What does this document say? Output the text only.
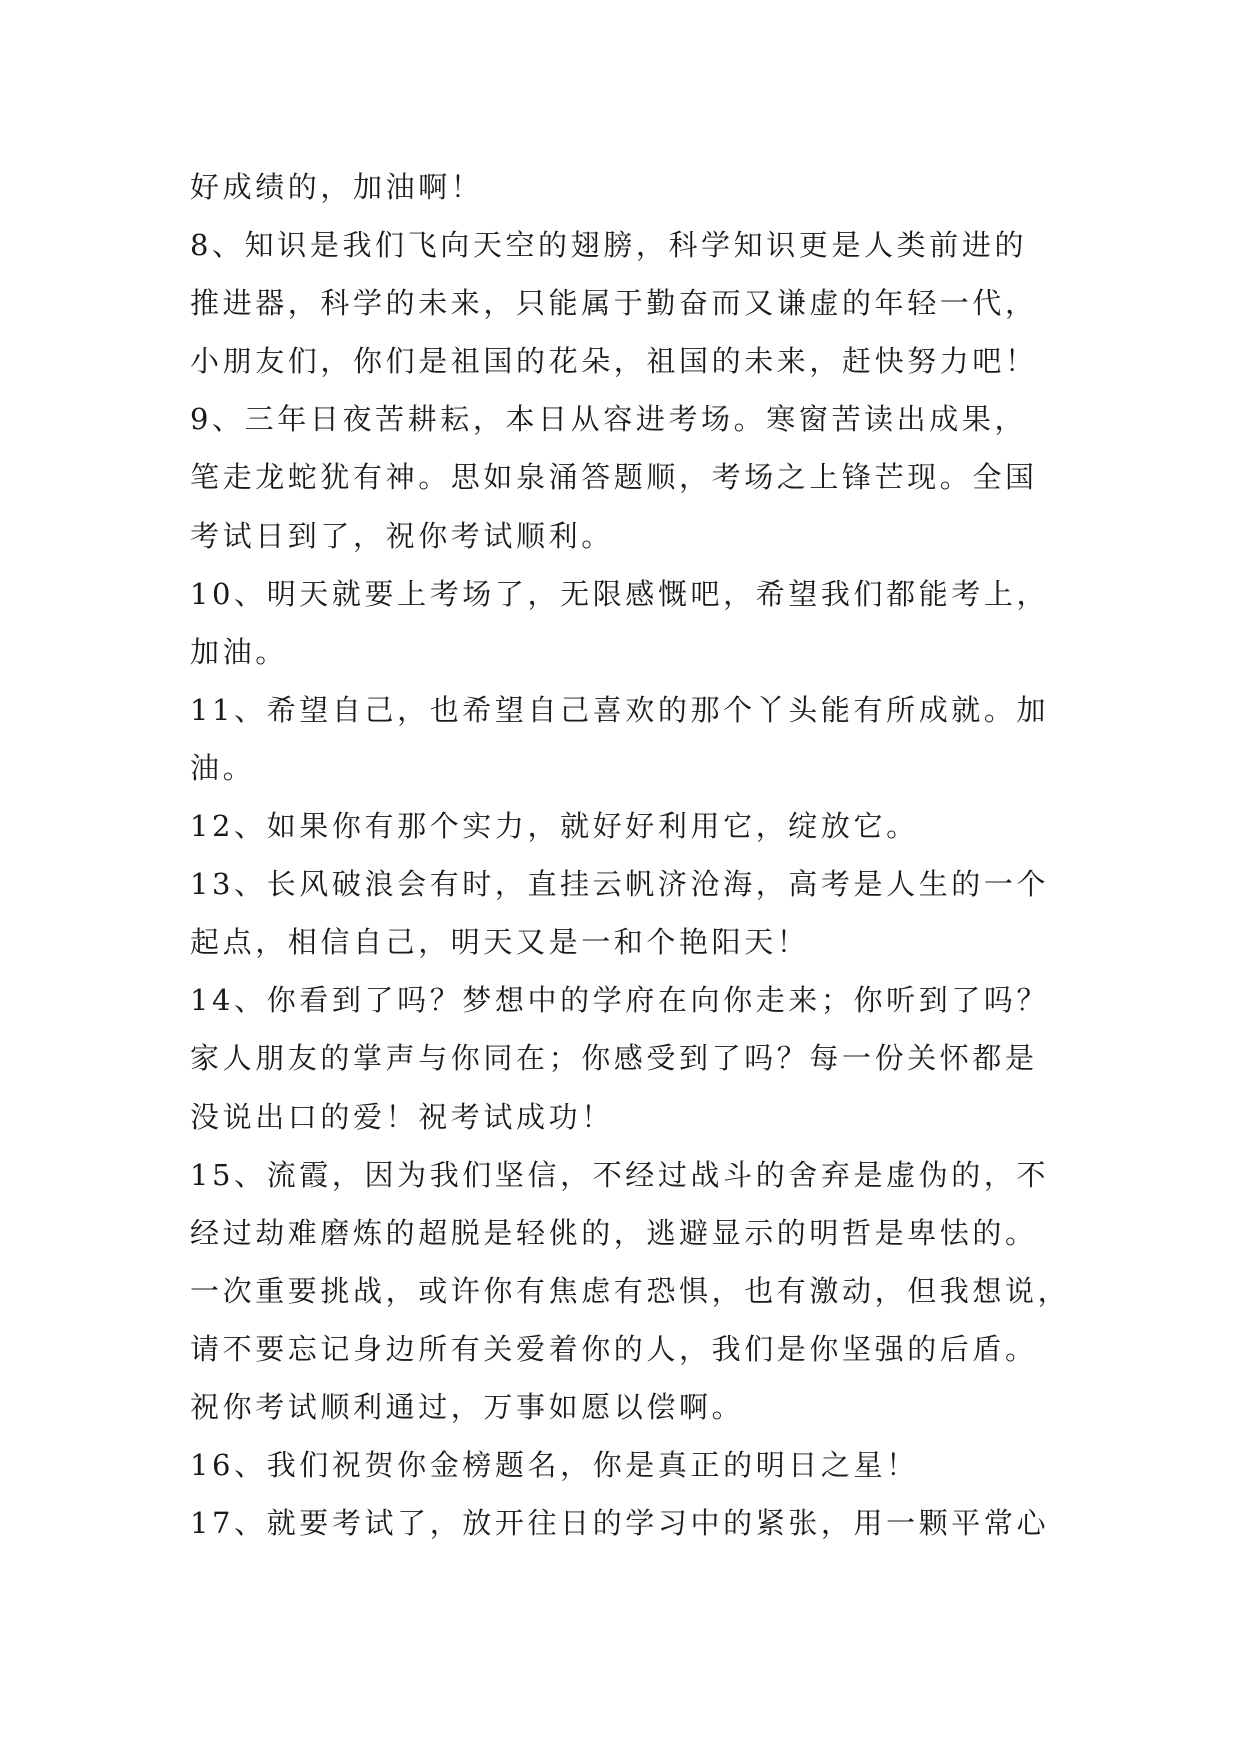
好成绩的，加油啊！
8、知识是我们飞向天空的翅膀，科学知识更是人类前进的
推进器，科学的未来，只能属于勤奋而又谦虚的年轻一代，
小朋友们，你们是祖国的花朵，祖国的未来，赶快努力吧！
9、三年日夜苦耕耘，本日从容进考场。寒窗苦读出成果，
笔走龙蛇犹有神。思如泉涌答题顺，考场之上锋芒现。全国
考试日到了，祝你考试顺利。
10、明天就要上考场了，无限感慨吧，希望我们都能考上，
加油。
11、希望自己，也希望自己喜欢的那个丫头能有所成就。加
油。
12、如果你有那个实力，就好好利用它，绽放它。
13、长风破浪会有时，直挂云帆济沧海，高考是人生的一个
起点，相信自己，明天又是一和个艳阳天！
14、你看到了吗？梦想中的学府在向你走来；你听到了吗？
家人朋友的掌声与你同在；你感受到了吗？每一份关怀都是
没说出口的爱！祝考试成功！
15、流霞，因为我们坚信，不经过战斗的舍弃是虚伪的，不
经过劫难磨炼的超脱是轻佻的，逃避显示的明哲是卑怯的。
一次重要挑战，或许你有焦虑有恐惧，也有激动，但我想说，
请不要忘记身边所有关爱着你的人，我们是你坚强的后盾。
祝你考试顺利通过，万事如愿以偿啊。
16、我们祝贺你金榜题名，你是真正的明日之星！
17、就要考试了，放开往日的学习中的紧张，用一颗平常心
